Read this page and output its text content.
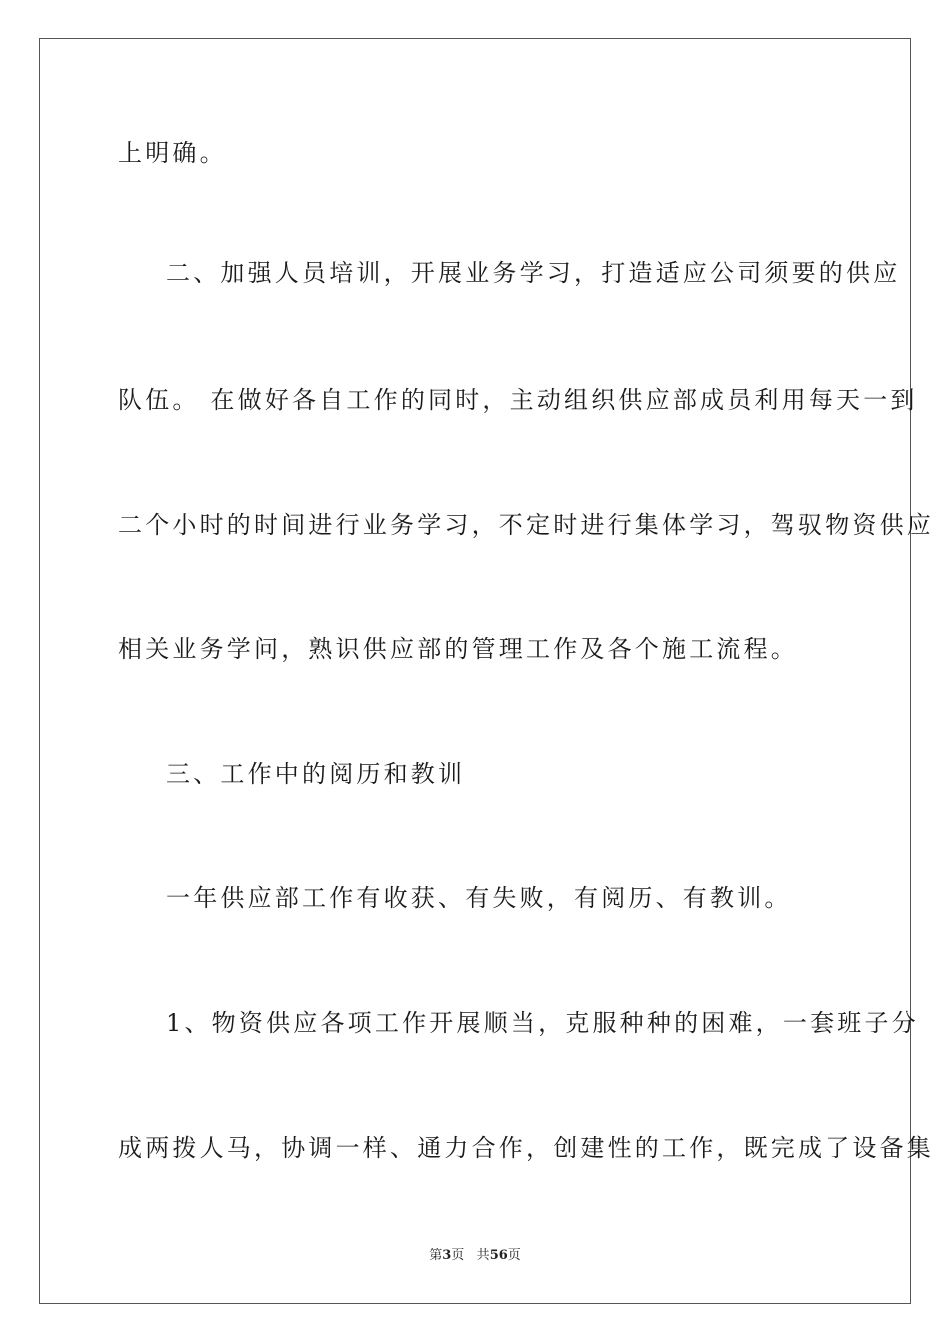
上明确。
二、加强人员培训，开展业务学习，打造适应公司须要的供应
队伍。 在做好各自工作的同时，主动组织供应部成员利用每天一到
二个小时的时间进行业务学习，不定时进行集体学习，驾驭物资供应
相关业务学问，熟识供应部的管理工作及各个施工流程。
三、工作中的阅历和教训
一年供应部工作有收获、有失败，有阅历、有教训。
1、物资供应各项工作开展顺当，克服种种的困难，一套班子分
成两拨人马，协调一样、通力合作，创建性的工作，既完成了设备集
第3页 共56页
